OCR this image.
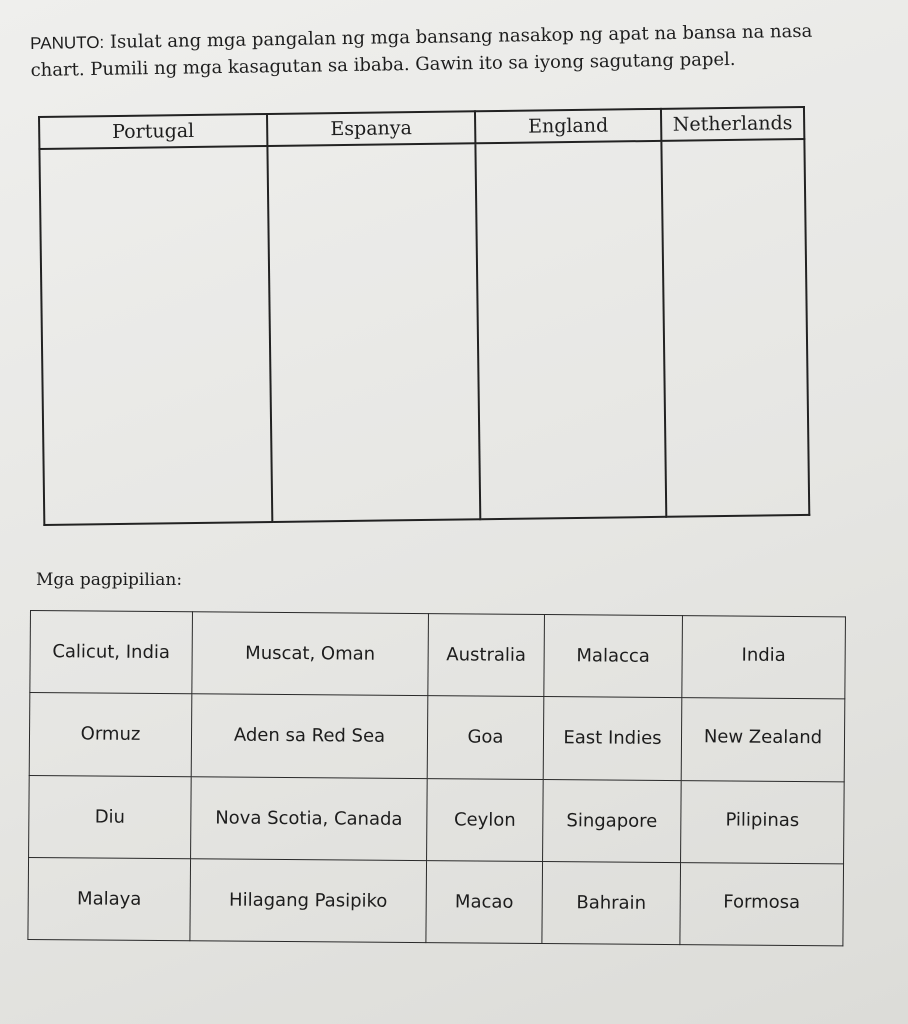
PANUTO: Isulat ang mga pangalan ng mga bansang nasakop ng apat na bansa na nasa chart. Pumili ng mga kasagutan sa ibaba. Gawin ito sa iyong sagutang papel.
Portugal	Espanya	England	Netherlands

Mga pagpipilian:
Calicut, India	Muscat, Oman	Australia	Malacca	India
Ormuz	Aden sa Red Sea	Goa	East Indies	New Zealand
Diu	Nova Scotia, Canada	Ceylon	Singapore	Pilipinas
Malaya	Hilagang Pasipiko	Macao	Bahrain	Formosa
